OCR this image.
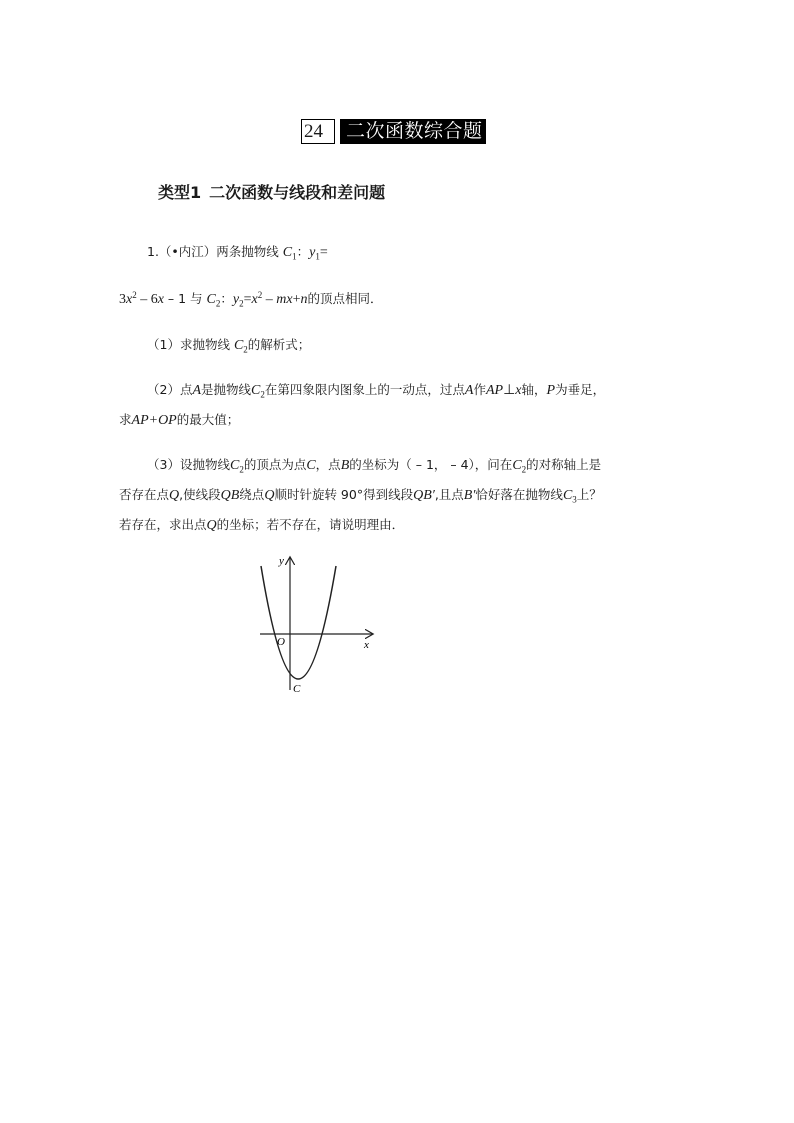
24	二次函数综合题
类型1 二次函数与线段和差问题
1.（•内江）两条抛物线 $C_1$：$y_1=$
$3x^2 - 6x - 1$ 与 $C_2$：$y_2=x^2 - mx+n$的顶点相同．
（1）求抛物线 $C_2$的解析式；
（2）点A是抛物线$C_2$在第四象限内图象上的一动点，过点A作AP⊥x轴，P为垂足，
求AP+OP的最大值；
（3）设抛物线$C_2$的顶点为点C，点B的坐标为（ – 1， – 4），问在$C_2$的对称轴上是
否存在点Q,使线段QB绕点Q顺时针旋转 90°得到线段QB′,且点B′恰好落在抛物线$C_3$上？
若存在，求出点Q的坐标；若不存在，请说明理由．
y
x
O
C
